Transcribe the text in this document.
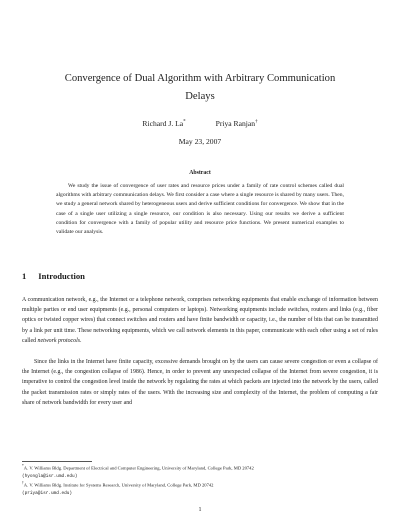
Convergence of Dual Algorithm with Arbitrary Communication
Delays
Richard J. La*	Priya Ranjan†
May 23, 2007
Abstract

We study the issue of convergence of user rates and resource prices under a family of rate control schemes called dual algorithms with arbitrary communication delays. We first consider a case where a single resource is shared by many users. Then, we study a general network shared by heterogeneous users and derive sufficient conditions for convergence. We show that in the case of a single user utilizing a single resource, our condition is also necessary. Using our results we derive a sufficient condition for convergence with a family of popular utility and resource price functions. We present numerical examples to validate our analysis.

1 Introduction

A communication network, e.g., the Internet or a telephone network, comprises networking equipments that enable exchange of information between multiple parties or end user equipments (e.g., personal computers or laptops). Networking equipments include switches, routers and links (e.g., fiber optics or twisted copper wires) that connect switches and routers and have finite bandwidth or capacity, i.e., the number of bits that can be transmitted by a link per unit time. These networking equipments, which we call network elements in this paper, communicate with each other using a set of rules called network protocols.

Since the links in the Internet have finite capacity, excessive demands brought on by the users can cause severe congestion or even a collapse of the Internet (e.g., the congestion collapse of 1986). Hence, in order to prevent any unexpected collapse of the Internet from severe congestion, it is imperative to control the congestion level inside the network by regulating the rates at which packets are injected into the network by the users, called the packet transmission rates or simply rates of the users. With the increasing size and complexity of the Internet, the problem of computing a fair share of network bandwidth for every user and

*A. V. Williams Bldg. Department of Electrical and Computer Engineering, University of Maryland, College Park, MD 20742

(hyongla@isr.umd.edu)

†A. V. Williams Bldg. Institute for Systems Research, University of Maryland, College Park, MD 20742

(priya@isr.umd.edu)

1
